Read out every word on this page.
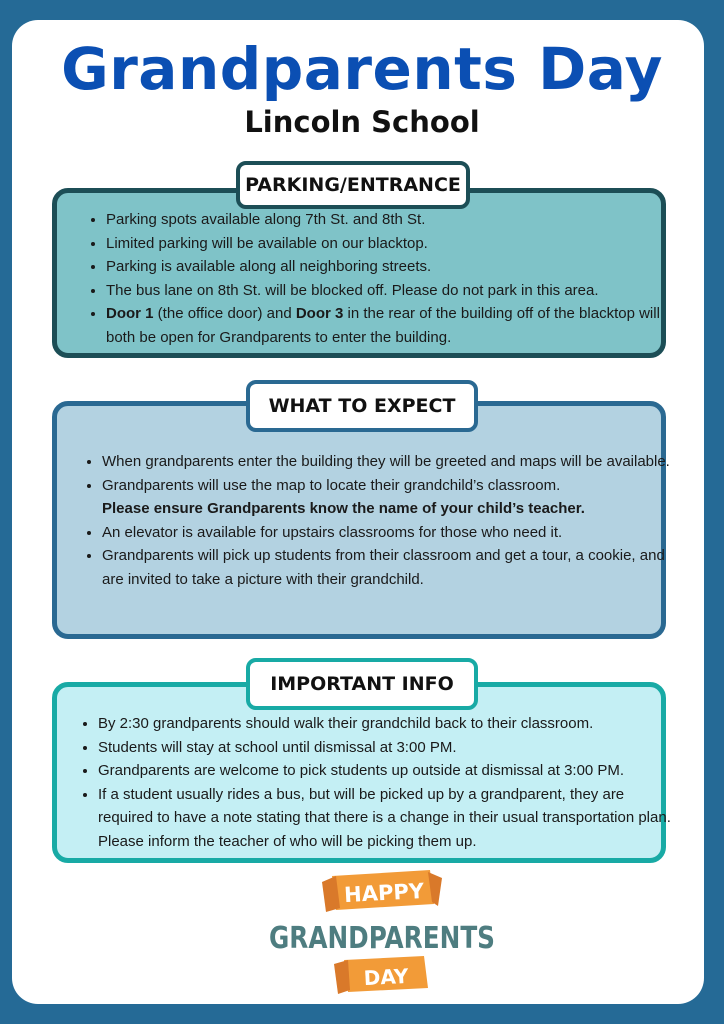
Grandparents Day
Lincoln School
PARKING/ENTRANCE
• Parking spots available along 7th St. and 8th St.
• Limited parking will be available on our blacktop.
• Parking is available along all neighboring streets.
• The bus lane on 8th St. will be blocked off. Please do not park in this area.
• Door 1 (the office door) and Door 3 in the rear of the building off of the blacktop will both be open for Grandparents to enter the building.
WHAT TO EXPECT
• When grandparents enter the building they will be greeted and maps will be available.
• Grandparents will use the map to locate their grandchild’s classroom.
Please ensure Grandparents know the name of your child’s teacher.
• An elevator is available for upstairs classrooms for those who need it.
• Grandparents will pick up students from their classroom and get a tour, a cookie, and are invited to take a picture with their grandchild.
IMPORTANT INFO
• By 2:30 grandparents should walk their grandchild back to their classroom.
• Students will stay at school until dismissal at 3:00 PM.
• Grandparents are welcome to pick students up outside at dismissal at 3:00 PM.
• If a student usually rides a bus, but will be picked up by a grandparent, they are required to have a note stating that there is a change in their usual transportation plan. Please inform the teacher of who will be picking them up.
HAPPY
GRANDPARENTS
DAY
